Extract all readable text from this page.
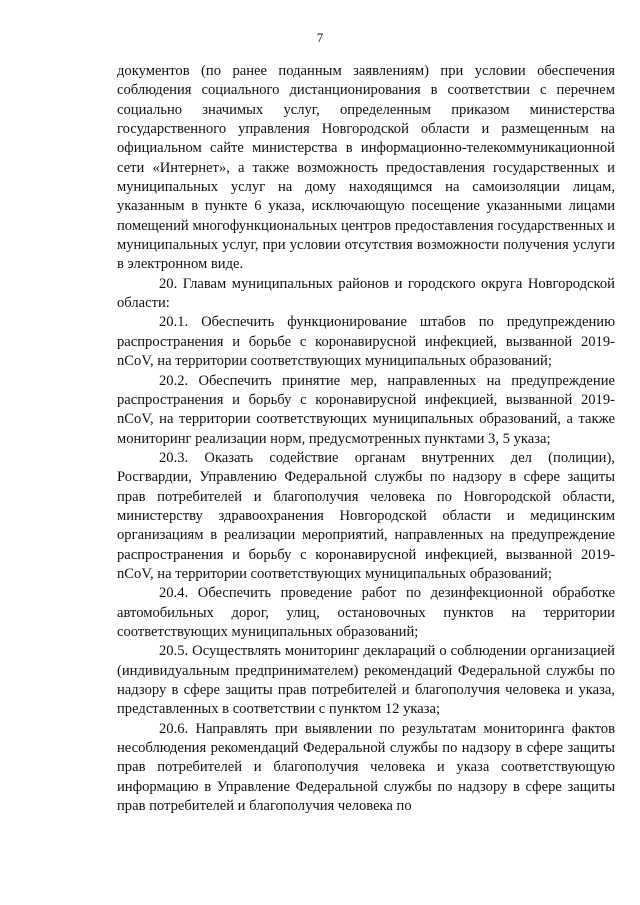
7

документов (по ранее поданным заявлениям) при условии обеспечения соблюдения социального дистанционирования в соответствии с перечнем социально значимых услуг, определенным приказом министерства государственного управления Новгородской области и размещенным на официальном сайте министерства в информационно-телекоммуникационной сети «Интернет», а также возможность предоставления государственных и муниципальных услуг на дому находящимся на самоизоляции лицам, указанным в пункте 6 указа, исключающую посещение указанными лицами помещений многофункциональных центров предоставления государственных и муниципальных услуг, при условии отсутствия возможности получения услуги в электронном виде.

20. Главам муниципальных районов и городского округа Новгородской области:

20.1. Обеспечить функционирование штабов по предупреждению распространения и борьбе с коронавирусной инфекцией, вызванной 2019-nCoV, на территории соответствующих муниципальных образований;

20.2. Обеспечить принятие мер, направленных на предупреждение распространения и борьбу с коронавирусной инфекцией, вызванной 2019-nCoV, на территории соответствующих муниципальных образований, а также мониторинг реализации норм, предусмотренных пунктами 3, 5 указа;

20.3. Оказать содействие органам внутренних дел (полиции), Росгвардии, Управлению Федеральной службы по надзору в сфере защиты прав потребителей и благополучия человека по Новгородской области, министерству здравоохранения Новгородской области и медицинским организациям в реализации мероприятий, направленных на предупреждение распространения и борьбу с коронавирусной инфекцией, вызванной 2019-nCoV, на территории соответствующих муниципальных образований;

20.4. Обеспечить проведение работ по дезинфекционной обработке автомобильных дорог, улиц, остановочных пунктов на территории соответствующих муниципальных образований;

20.5. Осуществлять мониторинг деклараций о соблюдении организацией (индивидуальным предпринимателем) рекомендаций Федеральной службы по надзору в сфере защиты прав потребителей и благополучия человека и указа, представленных в соответствии с пунктом 12 указа;

20.6. Направлять при выявлении по результатам мониторинга фактов несоблюдения рекомендаций Федеральной службы по надзору в сфере защиты прав потребителей и благополучия человека и указа соответствующую информацию в Управление Федеральной службы по надзору в сфере защиты прав потребителей и благополучия человека по
